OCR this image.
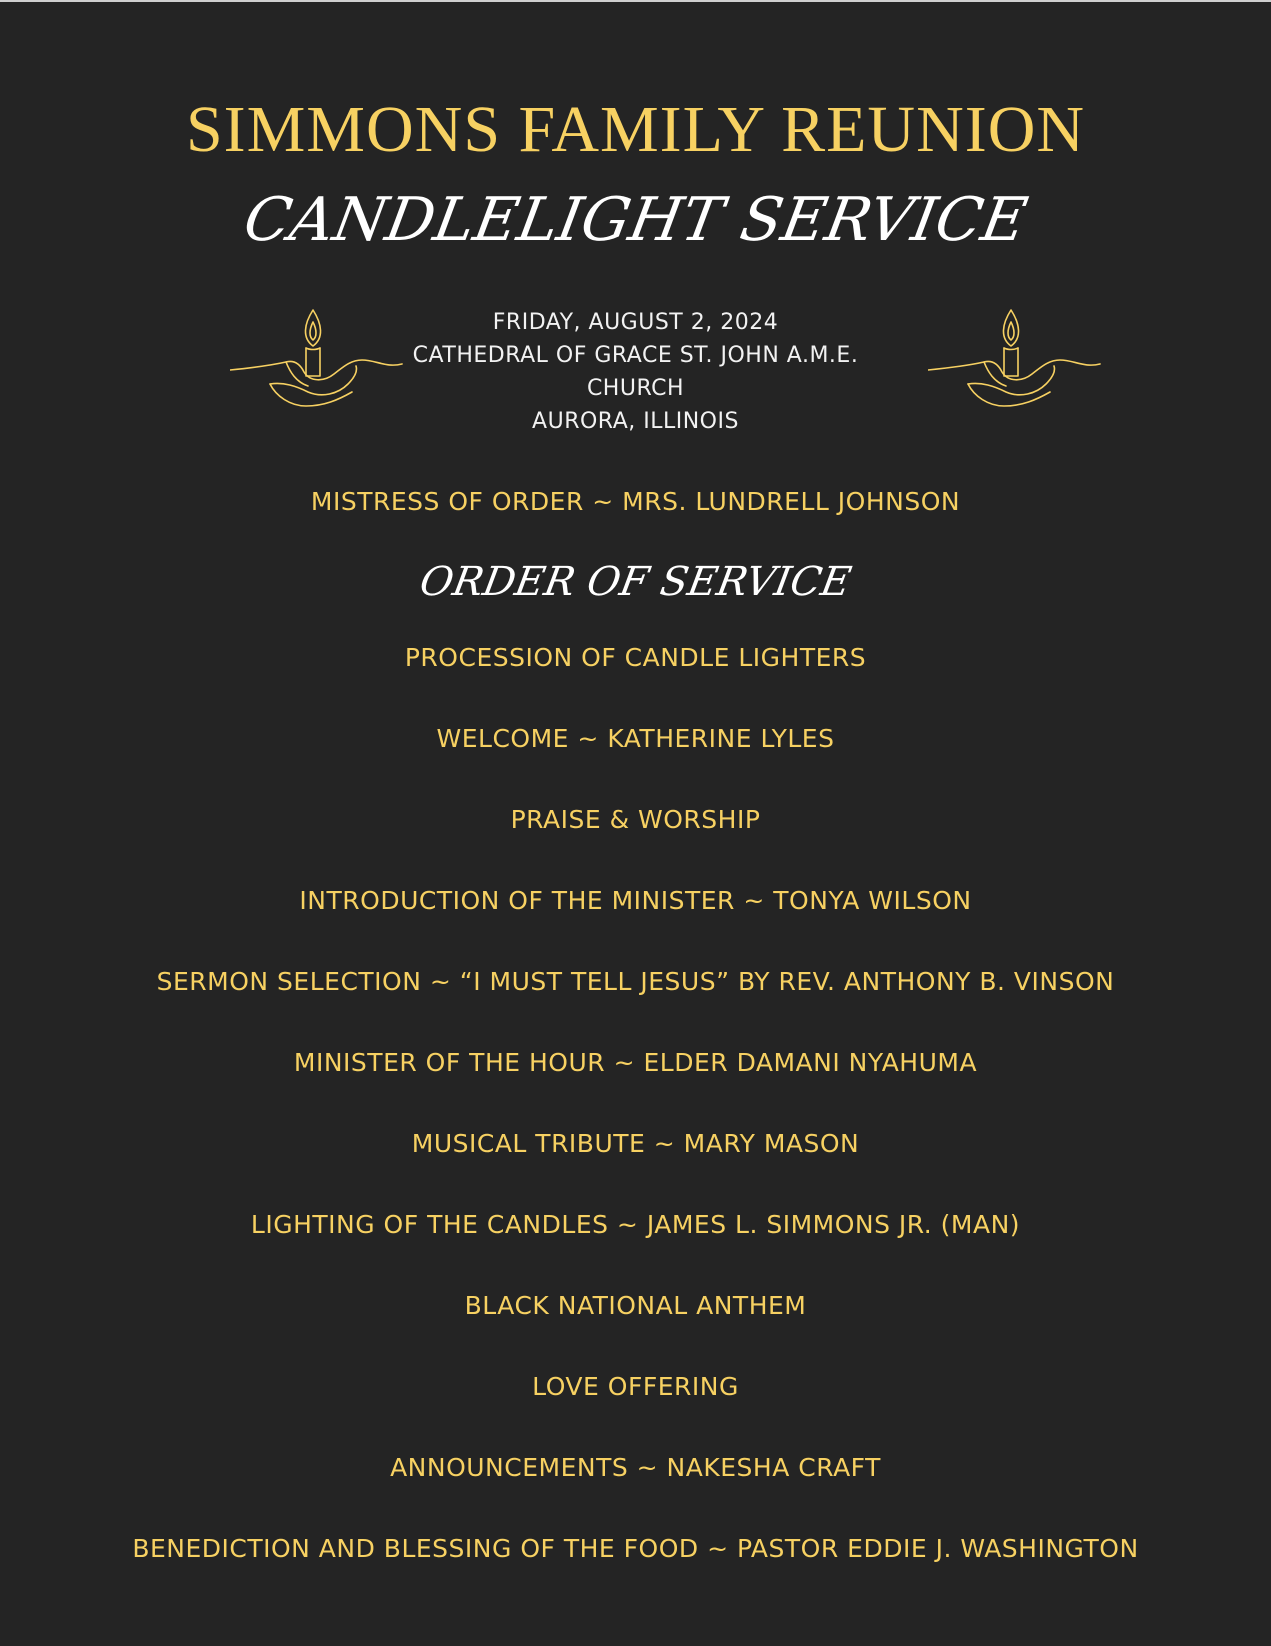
SIMMONS FAMILY REUNION
CANDLELIGHT SERVICE
FRIDAY, AUGUST 2, 2024
CATHEDRAL OF GRACE ST. JOHN A.M.E.
CHURCH
AURORA, ILLINOIS
MISTRESS OF ORDER ~ MRS. LUNDRELL JOHNSON
ORDER OF SERVICE
PROCESSION OF CANDLE LIGHTERS
WELCOME ~ KATHERINE LYLES
PRAISE & WORSHIP
INTRODUCTION OF THE MINISTER ~ TONYA WILSON
SERMON SELECTION ~ “I MUST TELL JESUS” BY REV. ANTHONY B. VINSON
MINISTER OF THE HOUR ~ ELDER DAMANI NYAHUMA
MUSICAL TRIBUTE ~ MARY MASON
LIGHTING OF THE CANDLES ~ JAMES L. SIMMONS JR. (MAN)
BLACK NATIONAL ANTHEM
LOVE OFFERING
ANNOUNCEMENTS ~ NAKESHA CRAFT
BENEDICTION AND BLESSING OF THE FOOD ~ PASTOR EDDIE J. WASHINGTON
